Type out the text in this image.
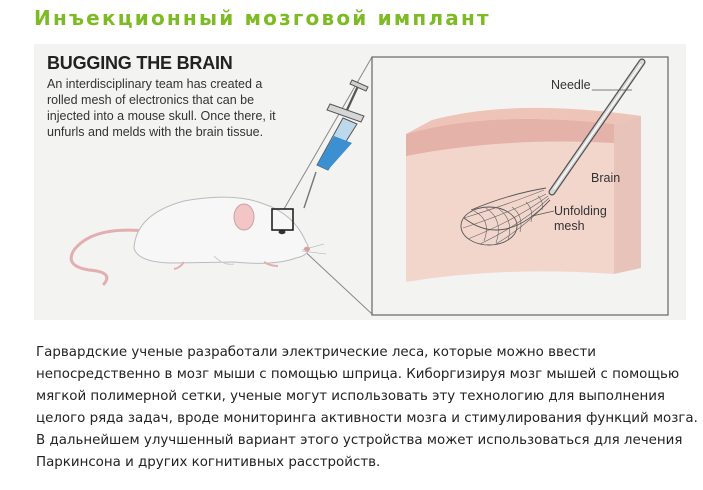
Инъекционный мозговой имплант
BUGGING THE BRAIN
An interdisciplinary team has created a rolled mesh of electronics that can be injected into a mouse skull. Once there, it unfurls and melds with the brain tissue.
Needle
Brain
Unfolding
mesh
Гарвардские ученые разработали электрические леса, которые можно ввести
непосредственно в мозг мыши с помощью шприца. Киборгизируя мозг мышей с помощью
мягкой полимерной сетки, ученые могут использовать эту технологию для выполнения
целого ряда задач, вроде мониторинга активности мозга и стимулирования функций мозга.
В дальнейшем улучшенный вариант этого устройства может использоваться для лечения
Паркинсона и других когнитивных расстройств.
